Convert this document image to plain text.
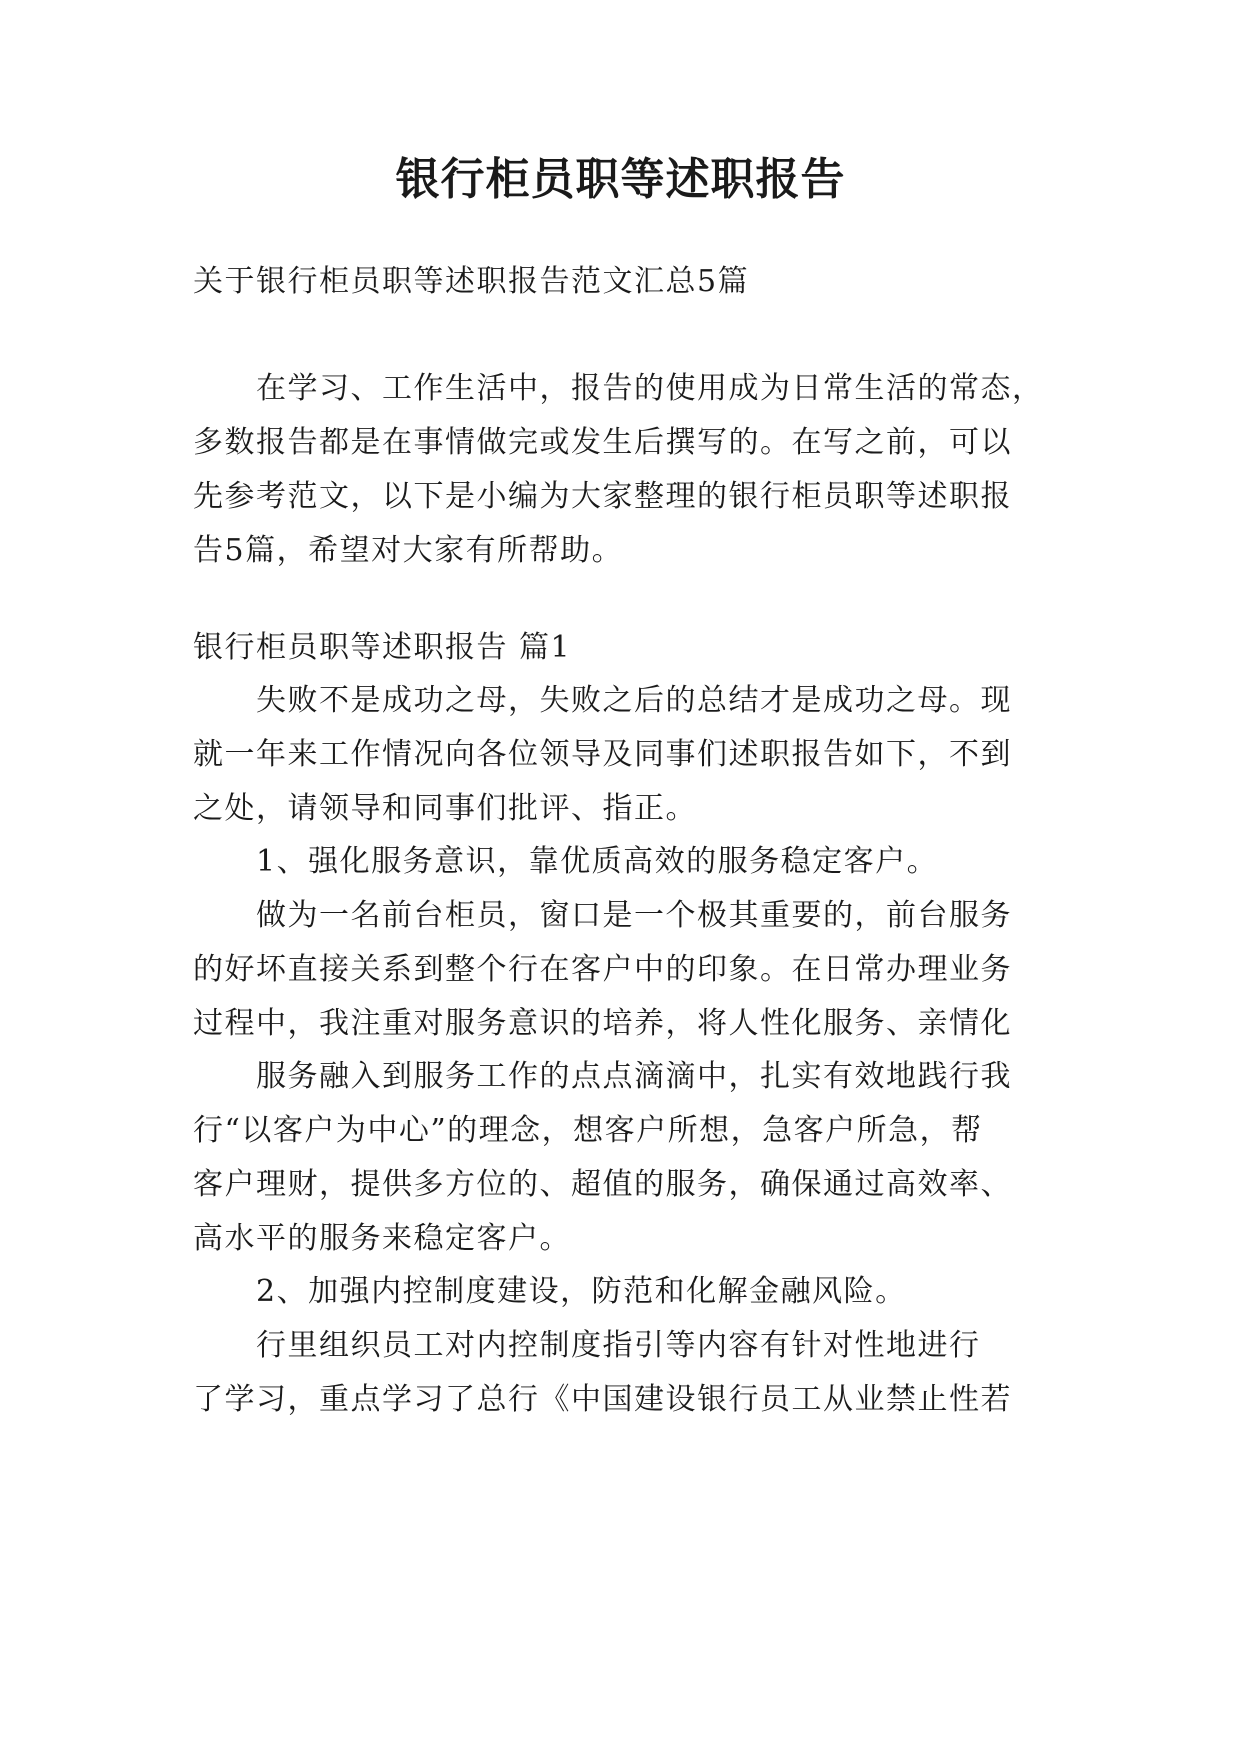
银行柜员职等述职报告
关于银行柜员职等述职报告范文汇总5篇
在学习、工作生活中，报告的使用成为日常生活的常态，
多数报告都是在事情做完或发生后撰写的。在写之前，可以
先参考范文，以下是小编为大家整理的银行柜员职等述职报
告5篇，希望对大家有所帮助。
银行柜员职等述职报告 篇1
失败不是成功之母，失败之后的总结才是成功之母。现
就一年来工作情况向各位领导及同事们述职报告如下，不到
之处，请领导和同事们批评、指正。
1、强化服务意识，靠优质高效的服务稳定客户。
做为一名前台柜员，窗口是一个极其重要的，前台服务
的好坏直接关系到整个行在客户中的印象。在日常办理业务
过程中，我注重对服务意识的培养，将人性化服务、亲情化
服务融入到服务工作的点点滴滴中，扎实有效地践行我
行“以客户为中心”的理念，想客户所想，急客户所急，帮
客户理财，提供多方位的、超值的服务，确保通过高效率、
高水平的服务来稳定客户。
2、加强内控制度建设，防范和化解金融风险。
行里组织员工对内控制度指引等内容有针对性地进行
了学习，重点学习了总行《中国建设银行员工从业禁止性若
